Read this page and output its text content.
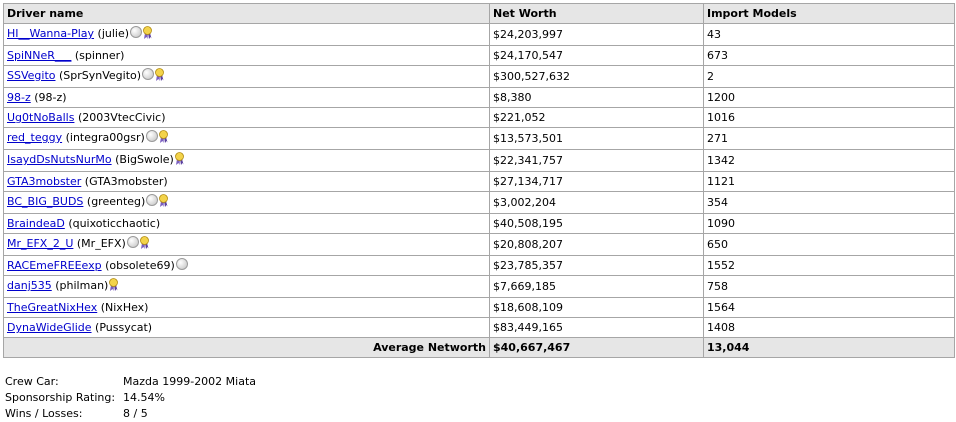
Driver name	Net Worth	Import Models
HI__Wanna-Play (julie)	$24,203,997	43
SpiNNeR___ (spinner)	$24,170,547	673
SSVegito (SprSynVegito)	$300,527,632	2
98-z (98-z)	$8,380	1200
Ug0tNoBalls (2003VtecCivic)	$221,052	1016
red_teggy (integra00gsr)	$13,573,501	271
IsaydDsNutsNurMo (BigSwole)	$22,341,757	1342
GTA3mobster (GTA3mobster)	$27,134,717	1121
BC_BIG_BUDS (greenteg)	$3,002,204	354
BraindeaD (quixoticchaotic)	$40,508,195	1090
Mr_EFX_2_U (Mr_EFX)	$20,808,207	650
RACEmeFREEexp (obsolete69)	$23,785,357	1552
danj535 (philman)	$7,669,185	758
TheGreatNixHex (NixHex)	$18,608,109	1564
DynaWideGlide (Pussycat)	$83,449,165	1408
Average Networth	$40,667,467	13,044
Crew Car:	Mazda 1999-2002 Miata
Sponsorship Rating: 14.54%
Wins / Losses:	8 / 5
